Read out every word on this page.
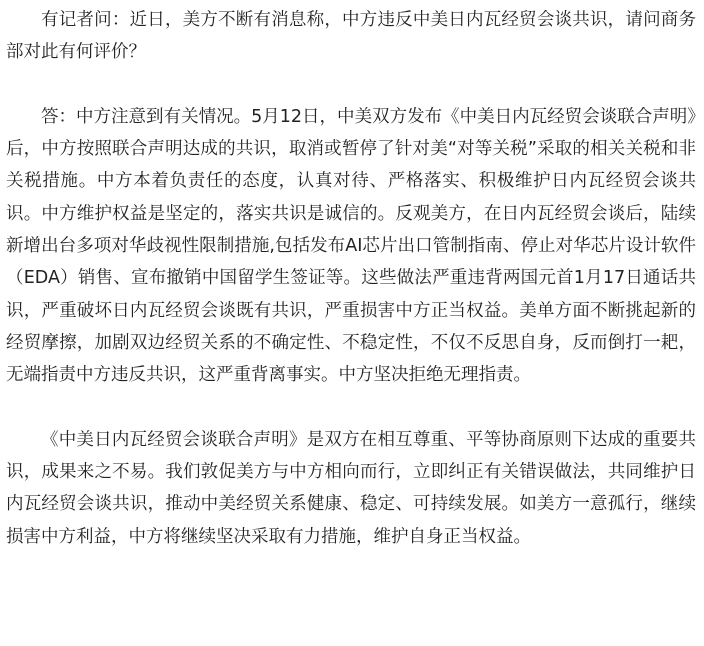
有记者问：近日，美方不断有消息称，中方违反中美日内瓦经贸会谈共识，请问商务部对此有何评价？

答：中方注意到有关情况。5月12日，中美双方发布《中美日内瓦经贸会谈联合声明》后，中方按照联合声明达成的共识，取消或暂停了针对美“对等关税”采取的相关关税和非关税措施。中方本着负责任的态度，认真对待、严格落实、积极维护日内瓦经贸会谈共识。中方维护权益是坚定的，落实共识是诚信的。反观美方，在日内瓦经贸会谈后，陆续新增出台多项对华歧视性限制措施,包括发布AI芯片出口管制指南、停止对华芯片设计软件（EDA）销售、宣布撤销中国留学生签证等。这些做法严重违背两国元首1月17日通话共识，严重破坏日内瓦经贸会谈既有共识，严重损害中方正当权益。美单方面不断挑起新的经贸摩擦，加剧双边经贸关系的不确定性、不稳定性，不仅不反思自身，反而倒打一耙，无端指责中方违反共识，这严重背离事实。中方坚决拒绝无理指责。

《中美日内瓦经贸会谈联合声明》是双方在相互尊重、平等协商原则下达成的重要共识，成果来之不易。我们敦促美方与中方相向而行，立即纠正有关错误做法，共同维护日内瓦经贸会谈共识，推动中美经贸关系健康、稳定、可持续发展。如美方一意孤行，继续损害中方利益，中方将继续坚决采取有力措施，维护自身正当权益。
